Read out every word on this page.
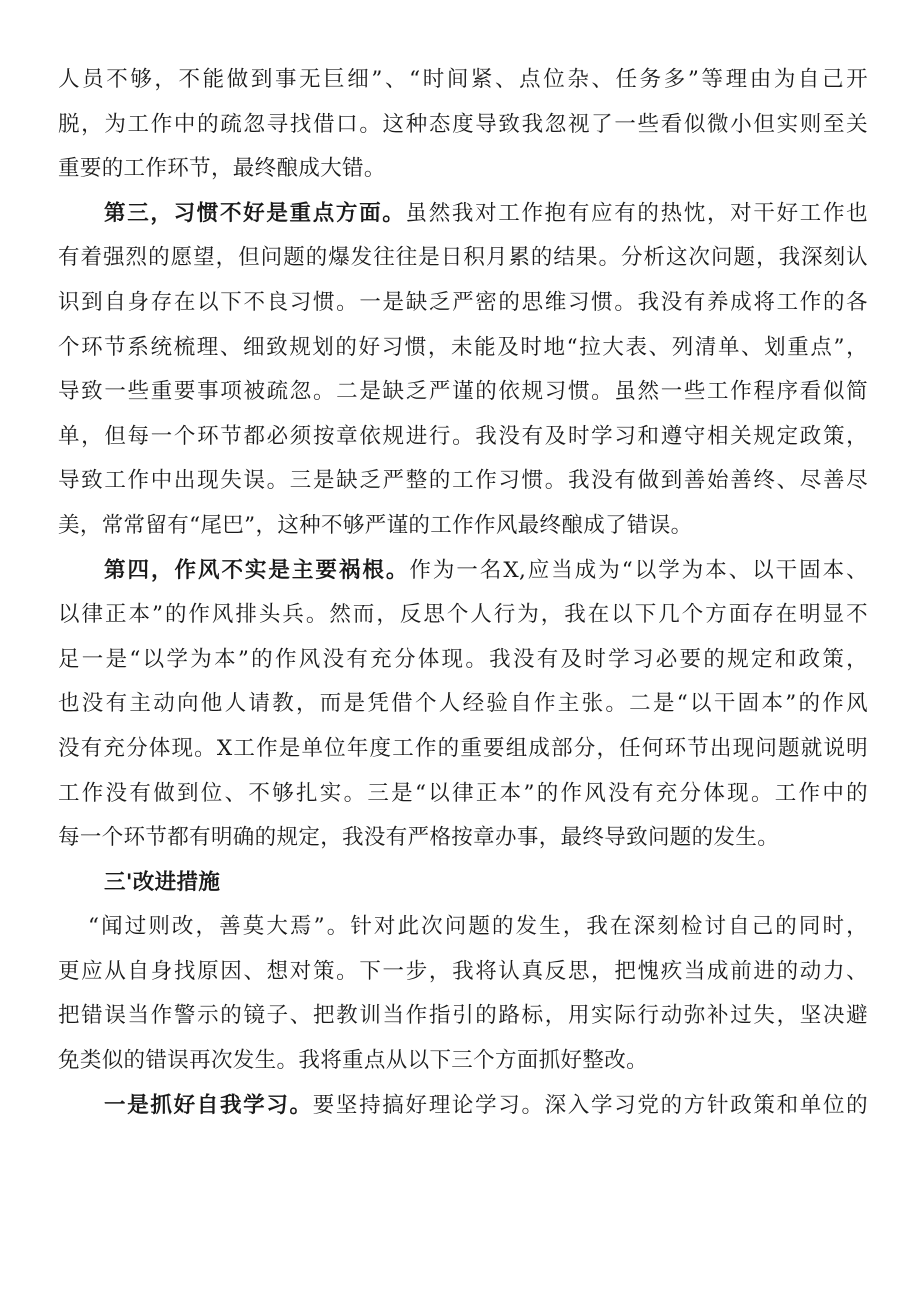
人员不够，不能做到事无巨细”、“时间紧、点位杂、任务多”等理由为自己开
脱，为工作中的疏忽寻找借口。这种态度导致我忽视了一些看似微小但实则至关
重要的工作环节，最终酿成大错。
第三，习惯不好是重点方面。虽然我对工作抱有应有的热忱，对干好工作也
有着强烈的愿望，但问题的爆发往往是日积月累的结果。分析这次问题，我深刻认
识到自身存在以下不良习惯。一是缺乏严密的思维习惯。我没有养成将工作的各
个环节系统梳理、细致规划的好习惯，未能及时地“拉大表、列清单、划重点”，
导致一些重要事项被疏忽。二是缺乏严谨的依规习惯。虽然一些工作程序看似简
单，但每一个环节都必须按章依规进行。我没有及时学习和遵守相关规定政策，
导致工作中出现失误。三是缺乏严整的工作习惯。我没有做到善始善终、尽善尽
美，常常留有“尾巴”，这种不够严谨的工作作风最终酿成了错误。
第四，作风不实是主要祸根。作为一名X,应当成为“以学为本、以干固本、
以律正本”的作风排头兵。然而，反思个人行为，我在以下几个方面存在明显不
足一是“以学为本”的作风没有充分体现。我没有及时学习必要的规定和政策，
也没有主动向他人请教，而是凭借个人经验自作主张。二是“以干固本”的作风
没有充分体现。X工作是单位年度工作的重要组成部分，任何环节出现问题就说明
工作没有做到位、不够扎实。三是“以律正本”的作风没有充分体现。工作中的
每一个环节都有明确的规定，我没有严格按章办事，最终导致问题的发生。
三'改进措施
“闻过则改，善莫大焉”。针对此次问题的发生，我在深刻检讨自己的同时，
更应从自身找原因、想对策。下一步，我将认真反思，把愧疚当成前进的动力、
把错误当作警示的镜子、把教训当作指引的路标，用实际行动弥补过失，坚决避
免类似的错误再次发生。我将重点从以下三个方面抓好整改。
一是抓好自我学习。要坚持搞好理论学习。深入学习党的方针政策和单位的
